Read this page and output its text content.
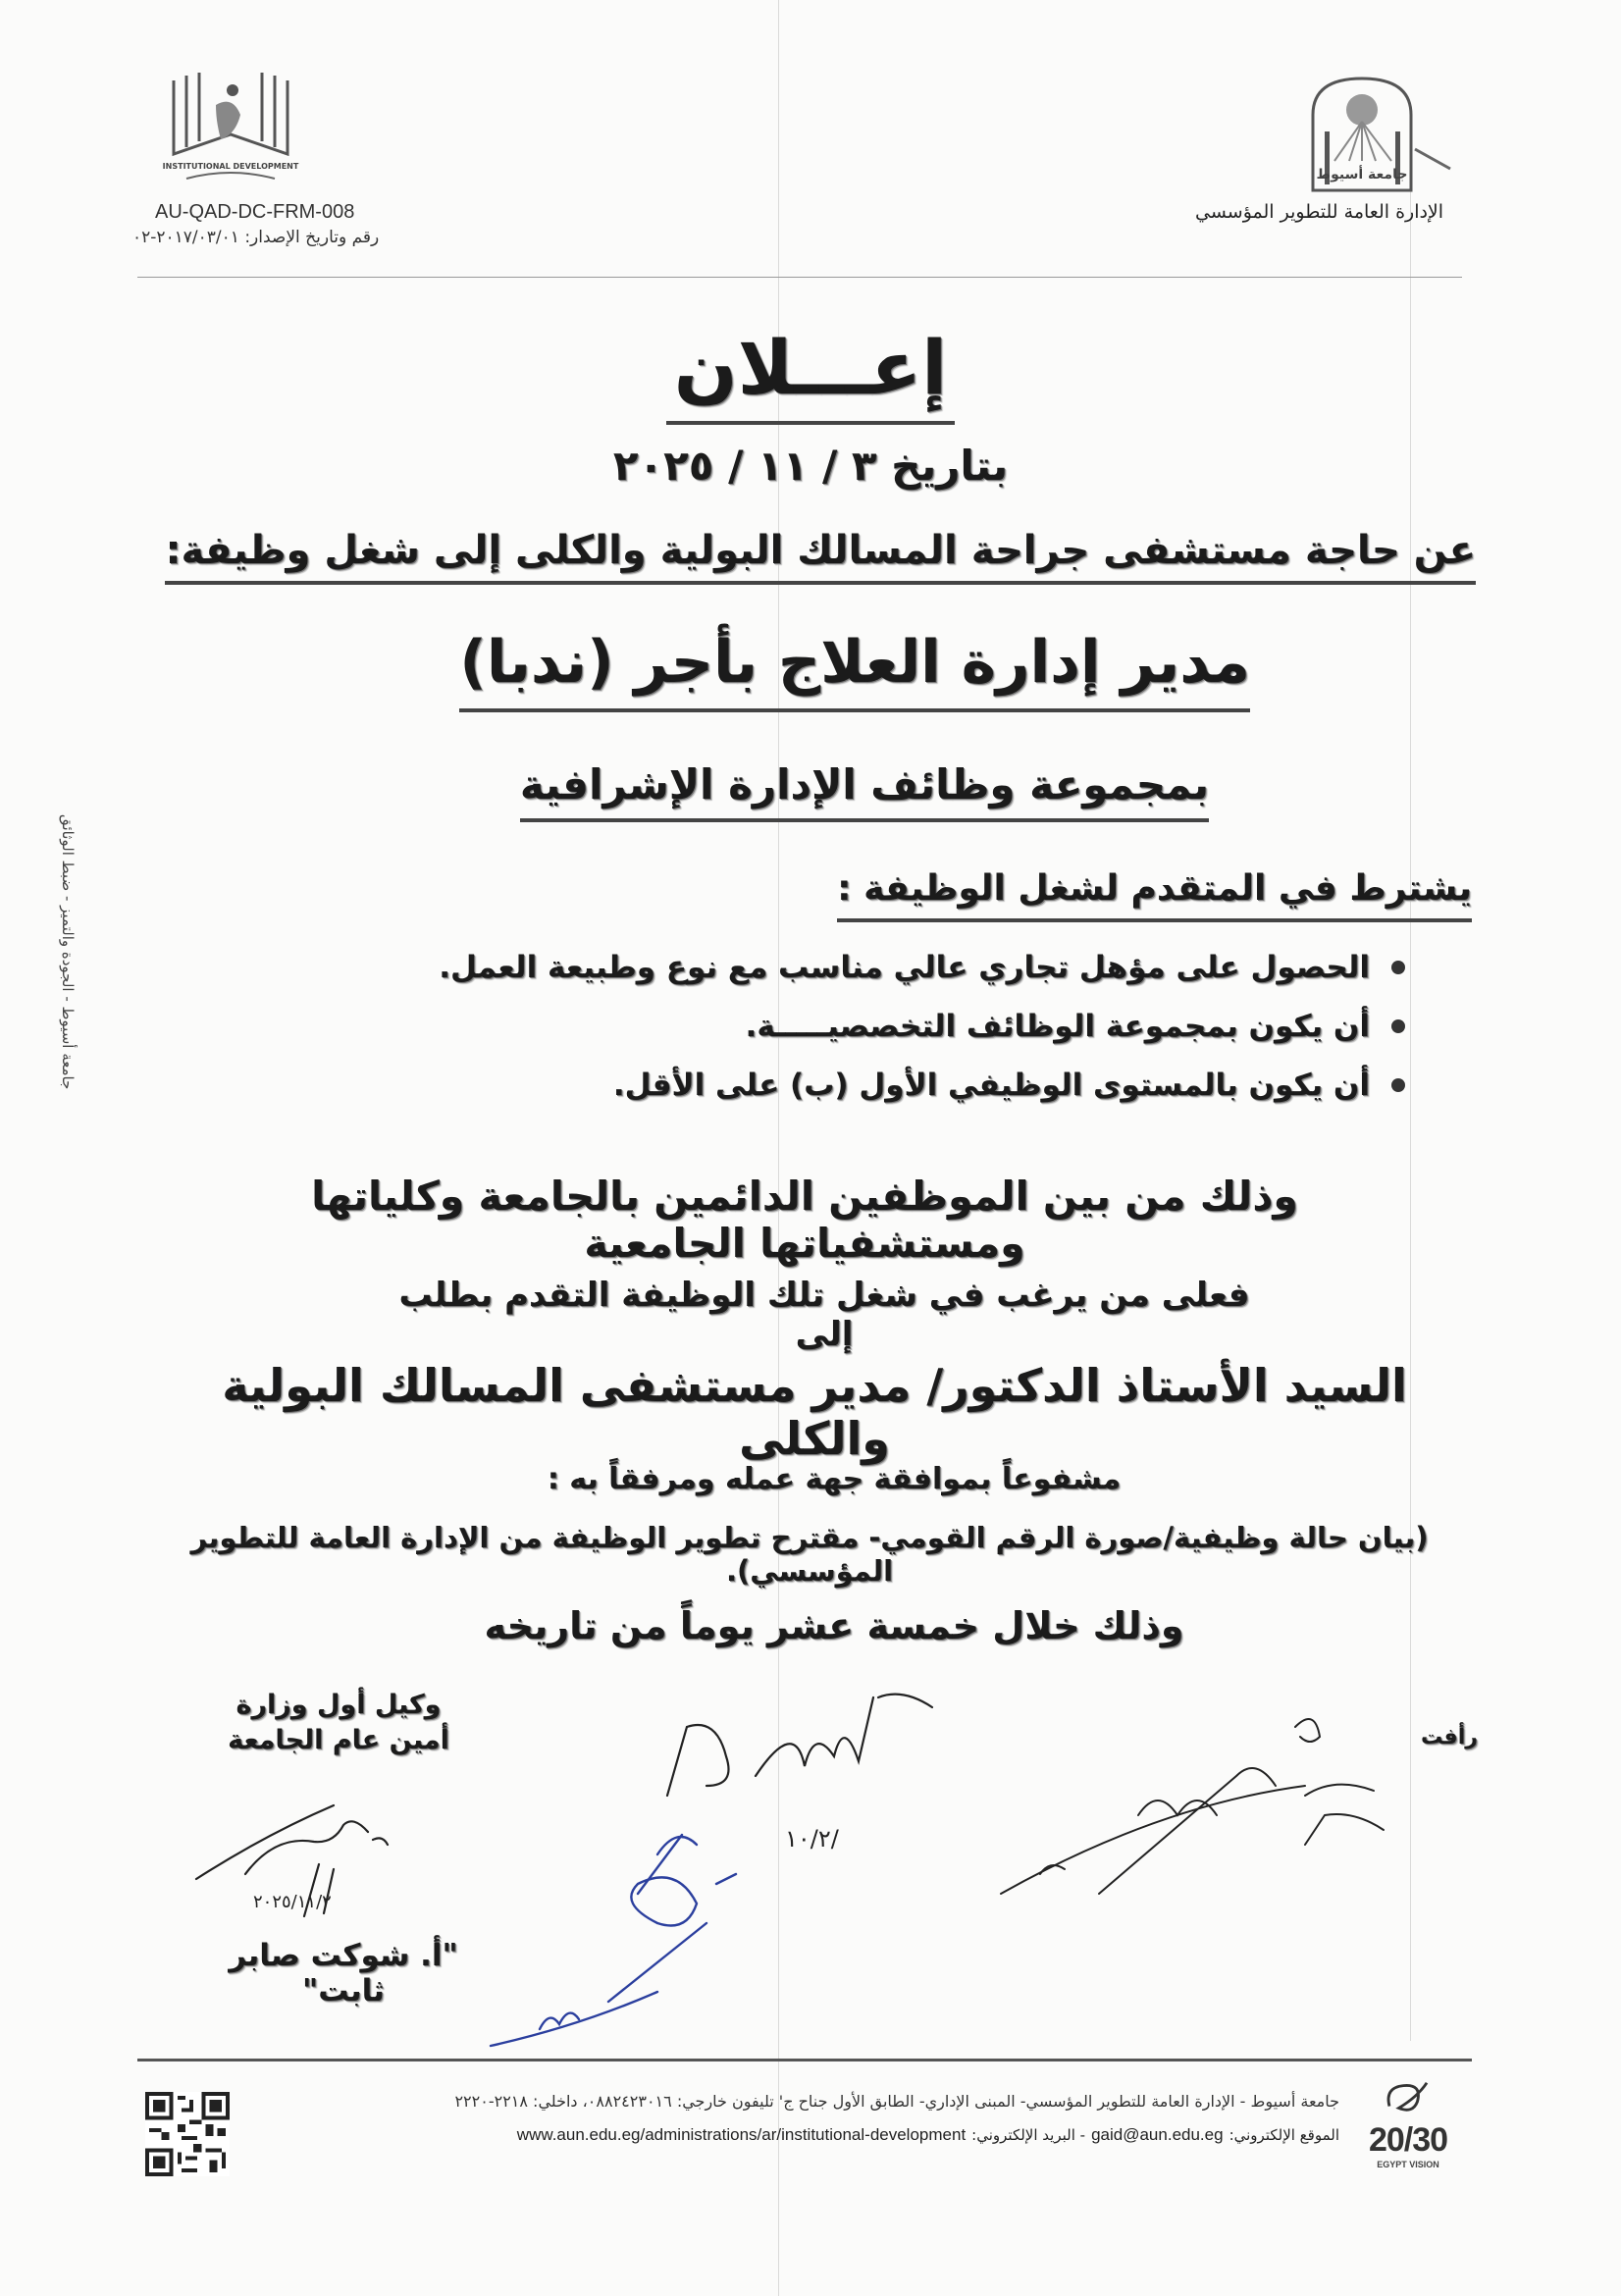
INSTITUTIONAL DEVELOPMENT
AU-QAD-DC-FRM-008
رقم وتاريخ الإصدار: ٢٠١٧/٠٣/٠١-٠٢
جامعة أسيوط
الإدارة العامة للتطوير المؤسسي
إعـــلان
بتاريخ ٣ / ١١ / ٢٠٢٥
عن حاجة مستشفى جراحة المسالك البولية والكلى إلى شغل وظيفة:
مدير إدارة العلاج بأجر (ندبا)
بمجموعة وظائف الإدارة الإشرافية
يشترط في المتقدم لشغل الوظيفة :
الحصول على مؤهل تجاري عالي مناسب مع نوع وطبيعة العمل.
أن يكون بمجموعة الوظائف التخصصيـــــة.
أن يكون بالمستوى الوظيفي الأول (ب) على الأقل.
وذلك من بين الموظفين الدائمين بالجامعة وكلياتها ومستشفياتها الجامعية
فعلى من يرغب في شغل تلك الوظيفة التقدم بطلب إلى
السيد الأستاذ الدكتور/ مدير مستشفى المسالك البولية والكلى
مشفوعاً بموافقة جهة عمله ومرفقاً به :
(بيان حالة وظيفية/صورة الرقم القومي- مقترح تطوير الوظيفة من الإدارة العامة للتطوير المؤسسي).
وذلك خلال خمسة عشر يوماً من تاريخه
وكيل أول وزارة
أمين عام الجامعة
"أ. شوكت صابر ثابت"
رأفت
٢٠٢٥/١١/٢
١٠/٢/
جامعة أسيوط - الجودة والتميز - ضبط الوثائق
جامعة أسيوط - الإدارة العامة للتطوير المؤسسي- المبنى الإداري- الطابق الأول جناح ج' تليفون خارجي: ٠٨٨٢٤٢٣٠١٦، داخلي: ٢٢١٨-٢٢٢٠
www.aun.edu.eg/administrations/ar/institutional-development - البريد الإلكتروني: gaid@aun.edu.eg الموقع الإلكتروني: 20/30
EGYPT VISION
